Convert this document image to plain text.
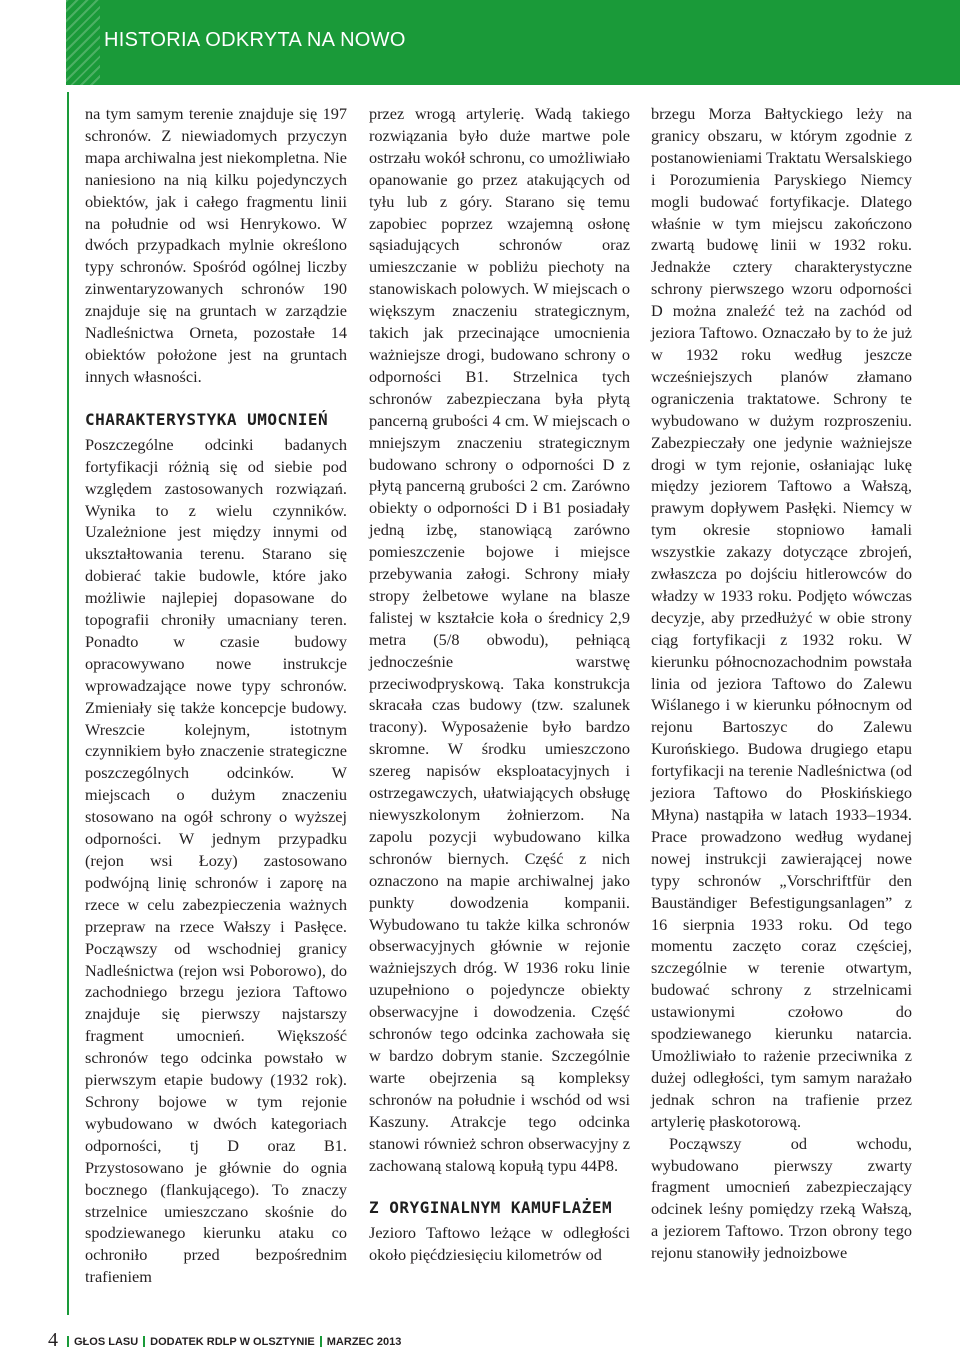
HISTORIA ODKRYTA NA NOWO

na tym samym terenie znajduje się 197 schronów. Z niewiadomych przyczyn mapa archiwalna jest niekompletna. Nie naniesiono na nią kilku pojedynczych obiektów, jak i całego fragmentu linii na południe od wsi Henrykowo. W dwóch przypadkach mylnie określono typy schronów. Spośród ogólnej liczby zinwentaryzowanych schronów 190 znajduje się na gruntach w zarządzie Nadleśnictwa Orneta, pozostałe 14 obiektów położone jest na gruntach innych własności.

CHARAKTERYSTYKA UMOCNIEŃ

Poszczególne odcinki badanych fortyfikacji różnią się od siebie pod względem zastosowanych rozwiązań. Wynika to z wielu czynników. Uzależnione jest między innymi od ukształtowania terenu. Starano się dobierać takie budowle, które jako możliwie najlepiej dopasowane do topografii chroniły umacniany teren. Ponadto w czasie budowy opracowywano nowe instrukcje wprowadzające nowe typy schronów. Zmieniały się także koncepcje budowy. Wreszcie kolejnym, istotnym czynnikiem było znaczenie strategiczne poszczególnych odcinków. W miejscach o dużym znaczeniu stosowano na ogół schrony o wyższej odporności. W jednym przypadku (rejon wsi Łozy) zastosowano podwójną linię schronów i zaporę na rzece w celu zabezpieczenia ważnych przepraw na rzece Wałszy i Pasłęce. Począwszy od wschodniej granicy Nadleśnictwa (rejon wsi Poborowo), do zachodniego brzegu jeziora Taftowo znajduje się pierwszy najstarszy fragment umocnień. Większość schronów tego odcinka powstało w pierwszym etapie budowy (1932 rok). Schrony bojowe w tym rejonie wybudowano w dwóch kategoriach odporności, tj D oraz B1. Przystosowano je głównie do ognia bocznego (flankującego). To znaczy strzelnice umieszczano skośnie do spodziewanego kierunku ataku co ochroniło przed bezpośrednim trafieniem

przez wrogą artylerię. Wadą takiego rozwiązania było duże martwe pole ostrzału wokół schronu, co umożliwiało opanowanie go przez atakujących od tyłu lub z góry. Starano się temu zapobiec poprzez wzajemną osłonę sąsiadujących schronów oraz umieszczanie w pobliżu piechoty na stanowiskach polowych. W miejscach o większym znaczeniu strategicznym, takich jak przecinające umocnienia ważniejsze drogi, budowano schrony o odporności B1. Strzelnica tych schronów zabezpieczana była płytą pancerną grubości 4 cm. W miejscach o mniejszym znaczeniu strategicznym budowano schrony o odporności D z płytą pancerną grubości 2 cm. Zarówno obiekty o odporności D i B1 posiadały jedną izbę, stanowiącą zarówno pomieszczenie bojowe i miejsce przebywania załogi. Schrony miały stropy żelbetowe wylane na blasze falistej w kształcie koła o średnicy 2,9 metra (5/8 obwodu), pełniącą jednocześnie warstwę przeciwodpryskową. Taka konstrukcja skracała czas budowy (tzw. szalunek tracony). Wyposażenie było bardzo skromne. W środku umieszczono szereg napisów eksploatacyjnych i ostrzegawczych, ułatwiających obsługę niewyszkolonym żołnierzom. Na zapolu pozycji wybudowano kilka schronów biernych. Część z nich oznaczono na mapie archiwalnej jako punkty dowodzenia kompanii. Wybudowano tu także kilka schronów obserwacyjnych głównie w rejonie ważniejszych dróg. W 1936 roku linie uzupełniono o pojedyncze obiekty obserwacyjne i dowodzenia. Część schronów tego odcinka zachowała się w bardzo dobrym stanie. Szczególnie warte obejrzenia są kompleksy schronów na południe i wschód od wsi Kaszuny. Atrakcje tego odcinka stanowi również schron obserwacyjny z zachowaną stalową kopułą typu 44P8.

Z ORYGINALNYM KAMUFLAŻEM

Jezioro Taftowo leżące w odległości około pięćdziesięciu kilometrów od

brzegu Morza Bałtyckiego leży na granicy obszaru, w którym zgodnie z postanowieniami Traktatu Wersalskiego i Porozumienia Paryskiego Niemcy mogli budować fortyfikacje. Dlatego właśnie w tym miejscu zakończono zwartą budowę linii w 1932 roku. Jednakże cztery charakterystyczne schrony pierwszego wzoru odporności D można znaleźć też na zachód od jeziora Taftowo. Oznaczało by to że już w 1932 roku według jeszcze wcześniejszych planów złamano ograniczenia traktatowe. Schrony te wybudowano w dużym rozproszeniu. Zabezpieczały one jedynie ważniejsze drogi w tym rejonie, osłaniając lukę między jeziorem Taftowo a Wałszą, prawym dopływem Pasłęki. Niemcy w tym okresie stopniowo łamali wszystkie zakazy dotyczące zbrojeń, zwłaszcza po dojściu hitlerowców do władzy w 1933 roku. Podjęto wówczas decyzje, aby przedłużyć w obie strony ciąg fortyfikacji z 1932 roku. W kierunku północnozachodnim powstała linia od jeziora Taftowo do Zalewu Wiślanego i w kierunku północnym od rejonu Bartoszyc do Zalewu Kurońskiego. Budowa drugiego etapu fortyfikacji na terenie Nadleśnictwa (od jeziora Taftowo do Płoskińskiego Młyna) nastąpiła w latach 1933–1934. Prace prowadzono według wydanej nowej instrukcji zawierającej nowe typy schronów „Vorschriftfür den Bauständiger Befestigungsanlagen” z 16 sierpnia 1933 roku. Od tego momentu zaczęto coraz częściej, szczególnie w terenie otwartym, budować schrony z strzelnicami ustawionymi czołowo do spodziewanego kierunku natarcia. Umożliwiało to rażenie przeciwnika z dużej odległości, tym samym narażało jednak schron na trafienie przez artylerię płaskotorową.

Począwszy od wchodu, wybudowano pierwszy zwarty fragment umocnień zabezpieczający odcinek leśny pomiędzy rzeką Wałszą, a jeziorem Taftowo. Trzon obrony tego rejonu stanowiły jednoizbowe

4 GŁOS LASU DODATEK RDLP W OLSZTYNIE MARZEC 2013
